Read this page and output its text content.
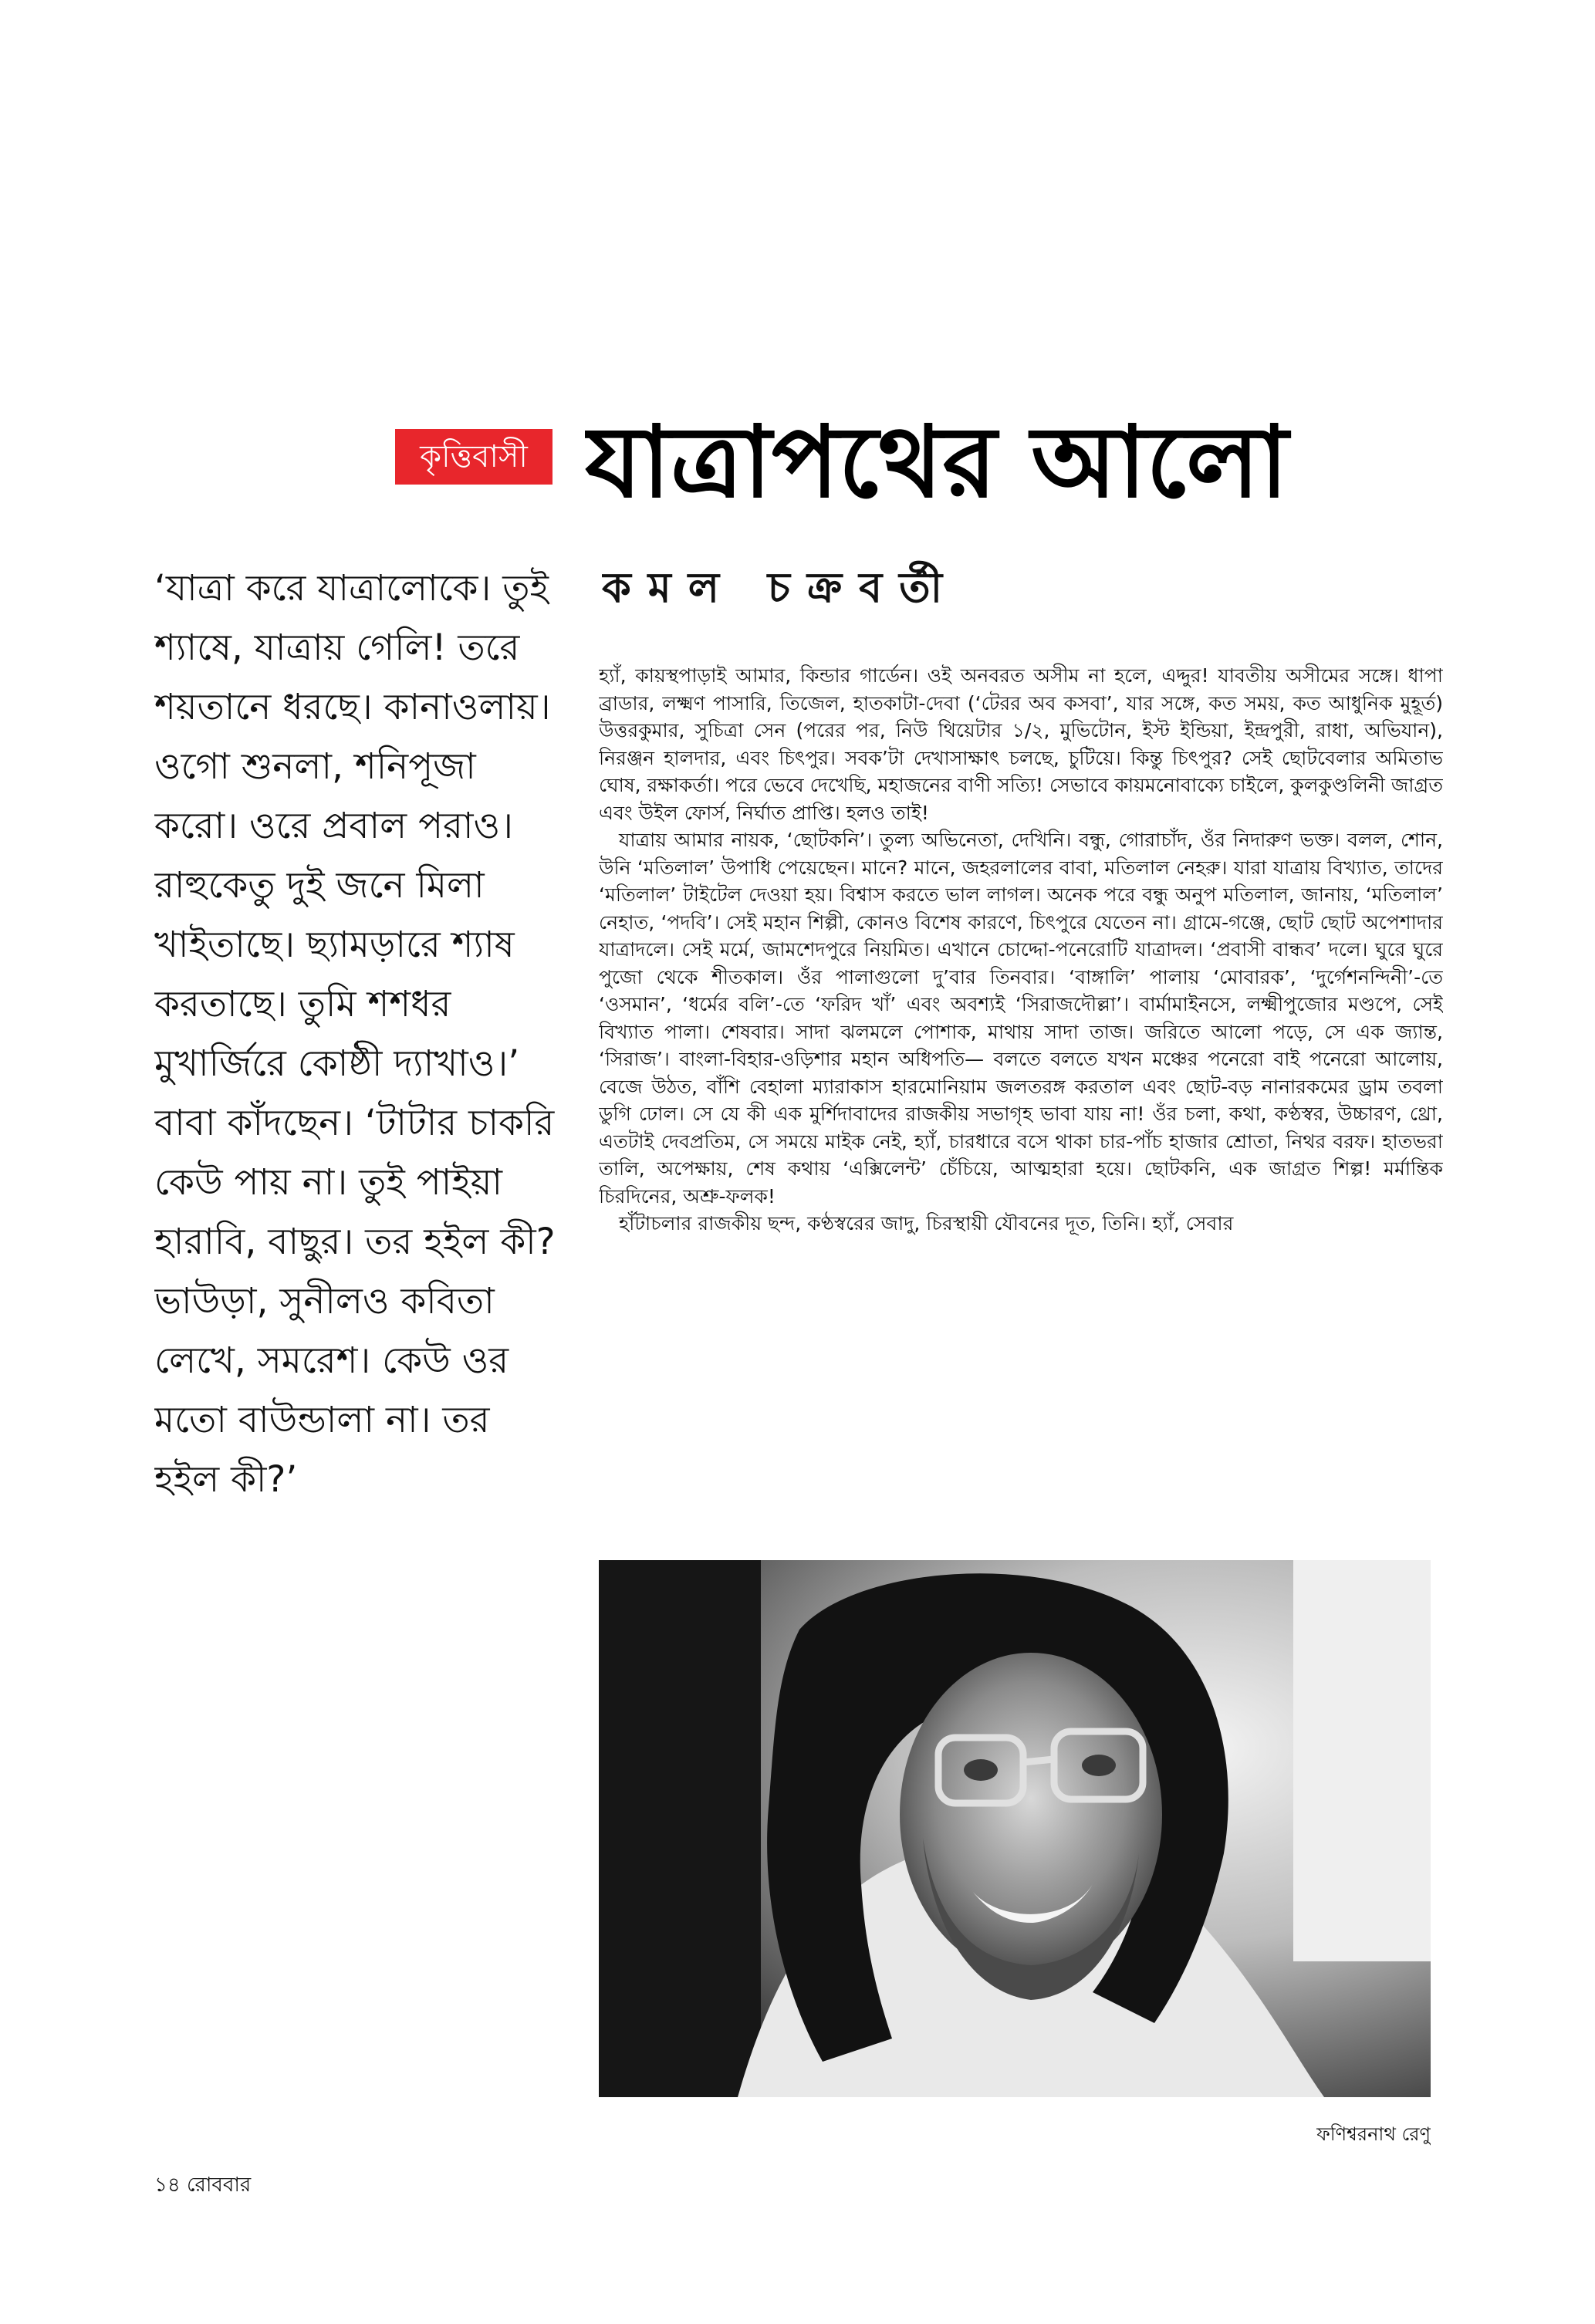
কৃত্তিবাসী যাত্রাপথের আলো
কমল চক্রবর্তী
‘যাত্রা করে যাত্রালোকে। তুই শ্যাষে, যাত্রায় গেলি! তরে শয়তানে ধরছে। কানাওলায়। ওগো শুনলা, শনিপূজা করো। ওরে প্রবাল পরাও। রাহুকেতু দুই জনে মিলা খাইতাছে। ছ্যামড়ারে শ্যাষ করতাছে। তুমি শশধর মুখার্জিরে কোষ্ঠী দ্যাখাও।’ বাবা কাঁদছেন। ‘টাটার চাকরি কেউ পায় না। তুই পাইয়া হারাবি, বাছুর। তর হইল কী? ভাউড়া, সুনীলও কবিতা লেখে, সমরেশ। কেউ ওর মতো বাউন্ডালা না। তর হইল কী?’

হ্যাঁ, কায়স্থপাড়াই আমার, কিন্ডার গার্ডেন। ওই অনবরত অসীম না হলে, এদ্দুর! যাবতীয় অসীমের সঙ্গে। ধাপা ব্রাডার, লক্ষ্মণ পাসারি, তিজেল, হাতকাটা-দেবা (‘টেরর অব কসবা’, যার সঙ্গে, কত সময়, কত আধুনিক মুহূর্ত) উত্তরকুমার, সুচিত্রা সেন (পরের পর, নিউ থিয়েটার ১/২, মুভিটোন, ইস্ট ইন্ডিয়া, ইন্দ্রপুরী, রাধা, অভিযান), নিরঞ্জন হালদার, এবং চিৎপুর। সবক’টা দেখাসাক্ষাৎ চলছে, চুটিয়ে। কিন্তু চিৎপুর? সেই ছোটবেলার অমিতাভ ঘোষ, রক্ষাকর্তা। পরে ভেবে দেখেছি, মহাজনের বাণী সত্যি! সেভাবে কায়মনোবাক্যে চাইলে, কুলকুণ্ডলিনী জাগ্রত এবং উইল ফোর্স, নির্ঘাত প্রাপ্তি। হলও তাই!

যাত্রায় আমার নায়ক, ‘ছোটকনি’। তুল্য অভিনেতা, দেখিনি। বন্ধু, গোরাচাঁদ, ওঁর নিদারুণ ভক্ত। বলল, শোন, উনি ‘মতিলাল’ উপাধি পেয়েছেন। মানে? মানে, জহরলালের বাবা, মতিলাল নেহরু। যারা যাত্রায় বিখ্যাত, তাদের ‘মতিলাল’ টাইটেল দেওয়া হয়। বিশ্বাস করতে ভাল লাগল। অনেক পরে বন্ধু অনুপ মতিলাল, জানায়, ‘মতিলাল’ নেহাত, ‘পদবি’। সেই মহান শিল্পী, কোনও বিশেষ কারণে, চিৎপুরে যেতেন না। গ্রামে-গঞ্জে, ছোট ছোট অপেশাদার যাত্রাদলে। সেই মর্মে, জামশেদপুরে নিয়মিত। এখানে চোদ্দো-পনেরোটি যাত্রাদল। ‘প্রবাসী বান্ধব’ দলে। ঘুরে ঘুরে পুজো থেকে শীতকাল। ওঁর পালাগুলো দু’বার তিনবার। ‘বাঙ্গালি’ পালায় ‘মোবারক’, ‘দুর্গেশনন্দিনী’-তে ‘ওসমান’, ‘ধর্মের বলি’-তে ‘ফরিদ খাঁ’ এবং অবশ্যই ‘সিরাজদৌল্লা’। বার্মামাইনসে, লক্ষ্মীপুজোর মণ্ডপে, সেই বিখ্যাত পালা। শেষবার। সাদা ঝলমলে পোশাক, মাথায় সাদা তাজ। জরিতে আলো পড়ে, সে এক জ্যান্ত, ‘সিরাজ’। বাংলা-বিহার-ওড়িশার মহান অধিপতি— বলতে বলতে যখন মঞ্চের পনেরো বাই পনেরো আলোয়, বেজে উঠত, বাঁশি বেহালা ম্যারাকাস হারমোনিয়াম জলতরঙ্গ করতাল এবং ছোট-বড় নানারকমের ড্রাম তবলা ডুগি ঢোল। সে যে কী এক মুর্শিদাবাদের রাজকীয় সভাগৃহ ভাবা যায় না! ওঁর চলা, কথা, কণ্ঠস্বর, উচ্চারণ, থ্রো, এতটাই দেবপ্রতিম, সে সময়ে মাইক নেই, হ্যাঁ, চারধারে বসে থাকা চার-পাঁচ হাজার শ্রোতা, নিথর বরফ। হাতভরা তালি, অপেক্ষায়, শেষ কথায় ‘এক্সিলেন্ট’ চেঁচিয়ে, আত্মহারা হয়ে। ছোটকনি, এক জাগ্রত শিল্প! মর্মান্তিক চিরদিনের, অশ্রু-ফলক!

হাঁটাচলার রাজকীয় ছন্দ, কণ্ঠস্বরের জাদু, চিরস্থায়ী যৌবনের দূত, তিনি। হ্যাঁ, সেবার

ফণিশ্বরনাথ রেণু
১৪ রোববার
